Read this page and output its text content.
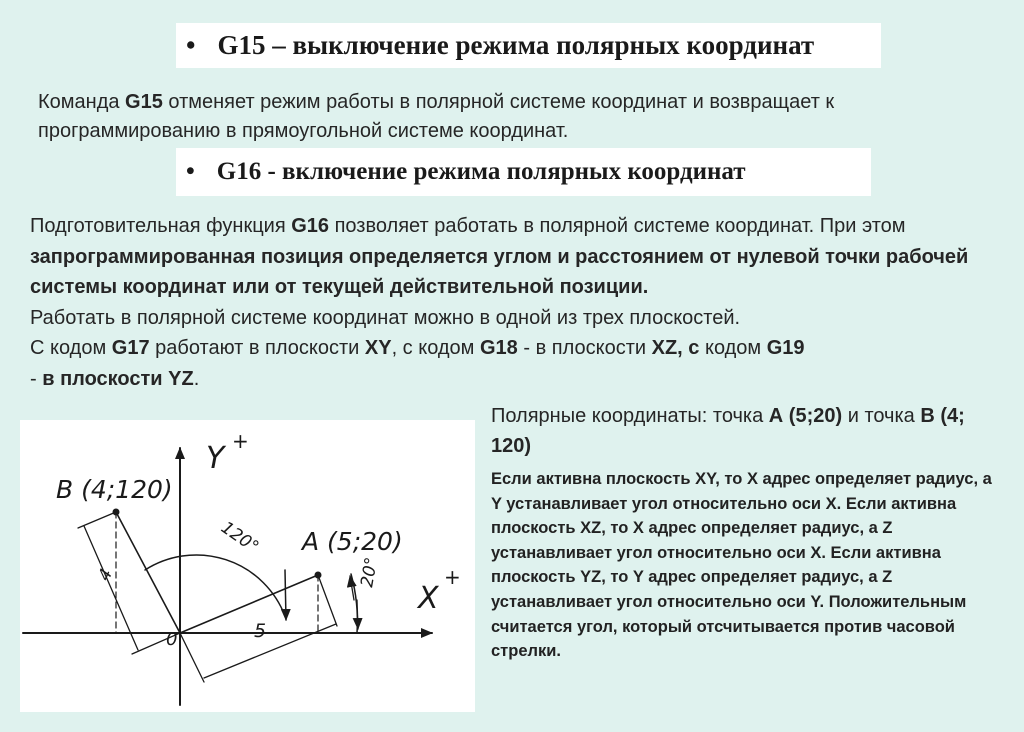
• G15 – выключение режима полярных координат
Команда G15 отменяет режим работы в полярной системе координат и возвращает к программированию в прямоугольной системе координат.
• G16 - включение режима полярных координат
Подготовительная функция G16 позволяет работать в полярной системе координат. При этом запрограммированная позиция определяется углом и расстоянием от нулевой точки рабочей системы координат или от текущей действительной позиции.
Работать в полярной системе координат можно в одной из трех плоскостей.
С кодом G17 работают в плоскости XY, с кодом G18 - в плоскости XZ, с кодом G19
- в плоскости YZ.
Полярные координаты: точка А (5;20) и точка В (4; 120)
Если активна плоскость XY, то X адрес определяет радиус, а Y устанавливает угол относительно оси X. Если активна плоскость XZ, то X адрес определяет радиус, а Z устанавливает угол относительно оси X. Если активна плоскость YZ, то Y адрес определяет радиус, а Z устанавливает угол относительно оси Y. Положительным считается угол, который отсчитывается против часовой стрелки.
Y +
X
+
0
B (4;120)
A (5;20)
120°
20°
5
4
